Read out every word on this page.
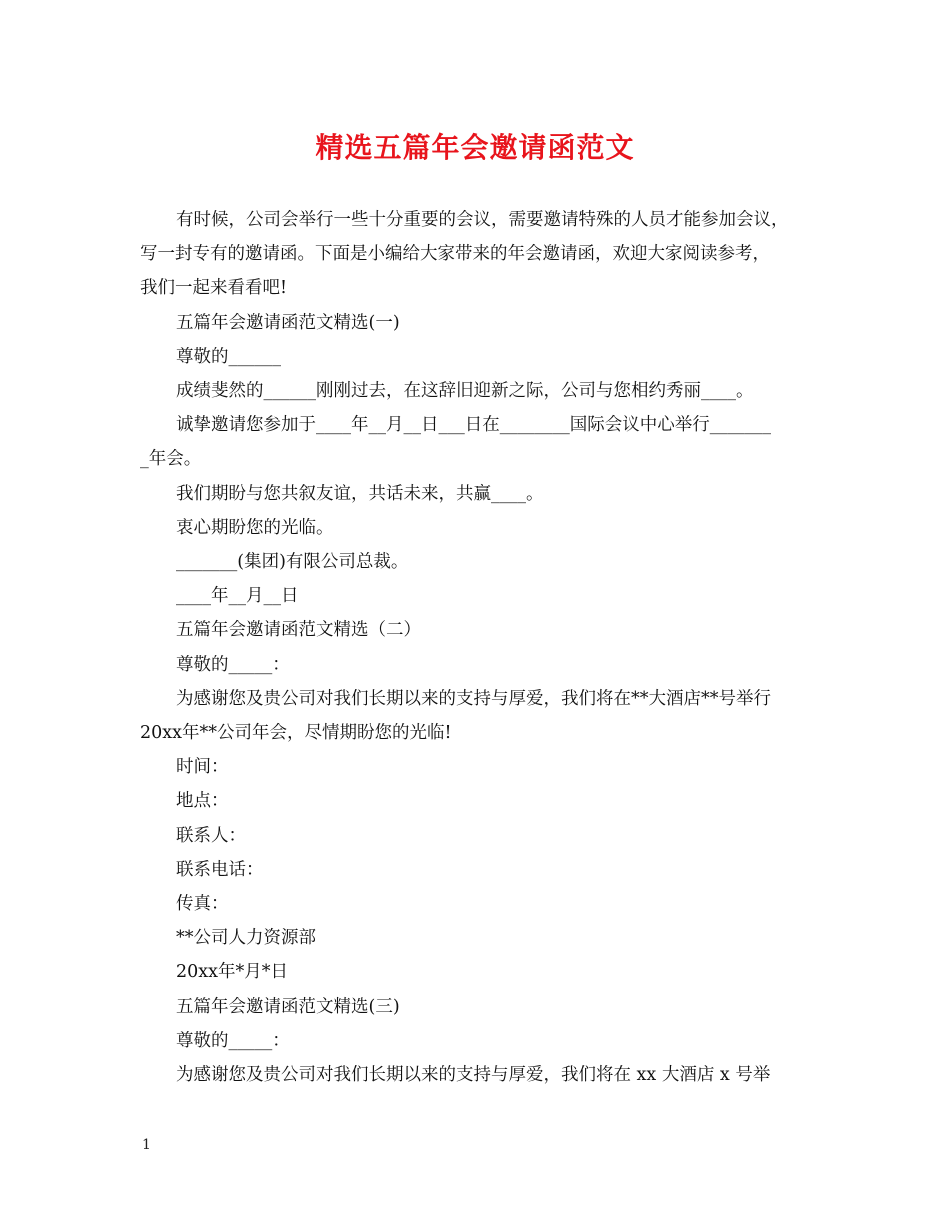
精选五篇年会邀请函范文

有时候，公司会举行一些十分重要的会议，需要邀请特殊的人员才能参加会议，

写一封专有的邀请函。下面是小编给大家带来的年会邀请函，欢迎大家阅读参考，

我们一起来看看吧!

五篇年会邀请函范文精选(一)

尊敬的______

成绩斐然的______刚刚过去，在这辞旧迎新之际，公司与您相约秀丽____。

诚挚邀请您参加于____年__月__日___日在________国际会议中心举行_______

_年会。

我们期盼与您共叙友谊，共话未来，共赢____。

衷心期盼您的光临。

_______(集团)有限公司总裁。

____年__月__日

五篇年会邀请函范文精选（二）

尊敬的_____：

为感谢您及贵公司对我们长期以来的支持与厚爱，我们将在**大酒店**号举行

20xx年**公司年会，尽情期盼您的光临!

时间：

地点：

联系人：

联系电话：

传真：

**公司人力资源部

20xx年*月*日

五篇年会邀请函范文精选(三)

尊敬的_____：

为感谢您及贵公司对我们长期以来的支持与厚爱，我们将在 xx 大酒店 x 号举

1
